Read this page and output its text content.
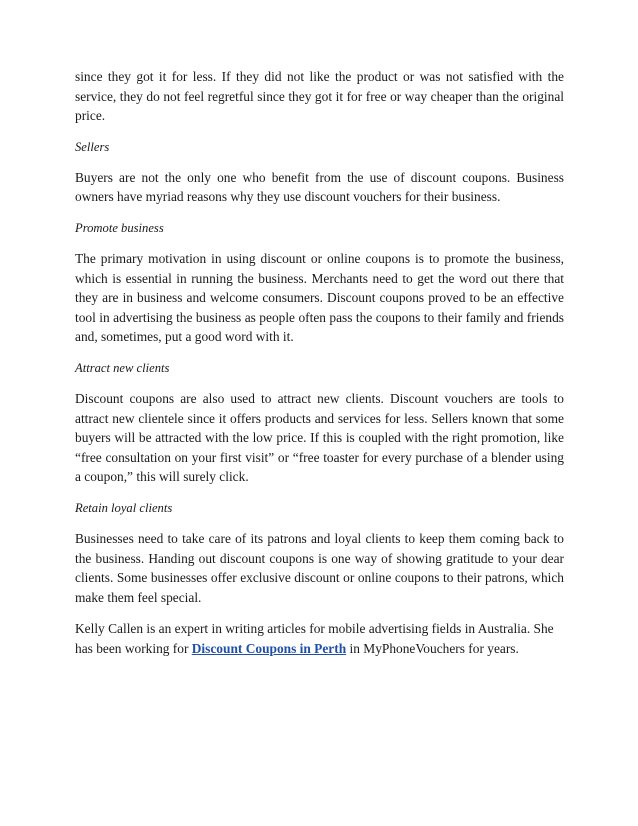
since they got it for less. If they did not like the product or was not satisfied with the service, they do not feel regretful since they got it for free or way cheaper than the original price.

Sellers

Buyers are not the only one who benefit from the use of discount coupons. Business owners have myriad reasons why they use discount vouchers for their business.

Promote business

The primary motivation in using discount or online coupons is to promote the business, which is essential in running the business. Merchants need to get the word out there that they are in business and welcome consumers. Discount coupons proved to be an effective tool in advertising the business as people often pass the coupons to their family and friends and, sometimes, put a good word with it.

Attract new clients

Discount coupons are also used to attract new clients. Discount vouchers are tools to attract new clientele since it offers products and services for less. Sellers known that some buyers will be attracted with the low price. If this is coupled with the right promotion, like “free consultation on your first visit” or “free toaster for every purchase of a blender using a coupon,” this will surely click.

Retain loyal clients

Businesses need to take care of its patrons and loyal clients to keep them coming back to the business. Handing out discount coupons is one way of showing gratitude to your dear clients. Some businesses offer exclusive discount or online coupons to their patrons, which make them feel special.

Kelly Callen is an expert in writing articles for mobile advertising fields in Australia. She has been working for Discount Coupons in Perth in MyPhoneVouchers for years.
